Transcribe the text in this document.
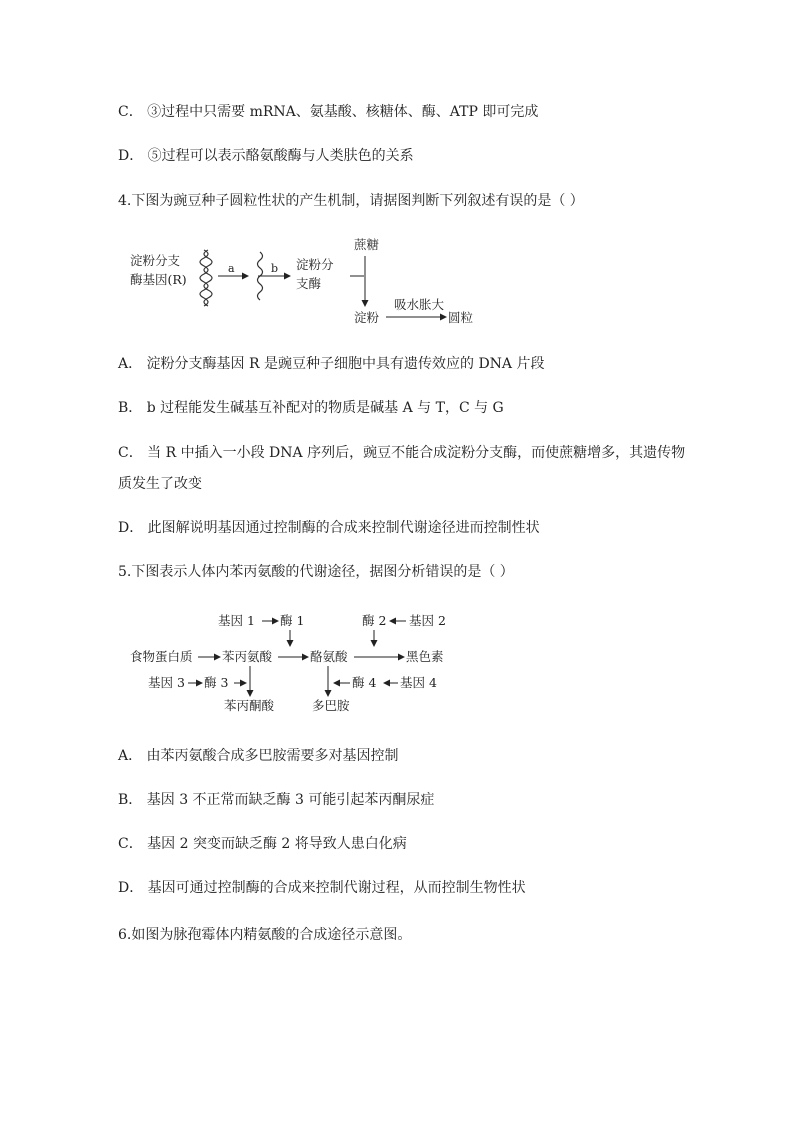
C． ③过程中只需要 mRNA、氨基酸、核糖体、酶、ATP 即可完成
D． ⑤过程可以表示酪氨酸酶与人类肤色的关系
4.下图为豌豆种子圆粒性状的产生机制，请据图判断下列叙述有误的是（ ）
淀粉分支
酶基因(R)
a	b 淀粉分
支酶
蔗糖
淀粉
吸水胀大
圆粒
A． 淀粉分支酶基因 R 是豌豆种子细胞中具有遗传效应的 DNA 片段
B． b 过程能发生碱基互补配对的物质是碱基 A 与 T，C 与 G
C． 当 R 中插入一小段 DNA 序列后，豌豆不能合成淀粉分支酶，而使蔗糖增多，其遗传物
质发生了改变
D． 此图解说明基因通过控制酶的合成来控制代谢途径进而控制性状
5.下图表示人体内苯丙氨酸的代谢途径，据图分析错误的是（ ）
基因 1 酶 1	酶 2 基因 2
食物蛋白质 苯丙氨酸	酪氨酸	黑色素
基因 3 酶 3
苯丙酮酸
酶 4 基因 4
多巴胺
A． 由苯丙氨酸合成多巴胺需要多对基因控制
B． 基因 3 不正常而缺乏酶 3 可能引起苯丙酮尿症
C． 基因 2 突变而缺乏酶 2 将导致人患白化病
D． 基因可通过控制酶的合成来控制代谢过程，从而控制生物性状
6.如图为脉孢霉体内精氨酸的合成途径示意图。
